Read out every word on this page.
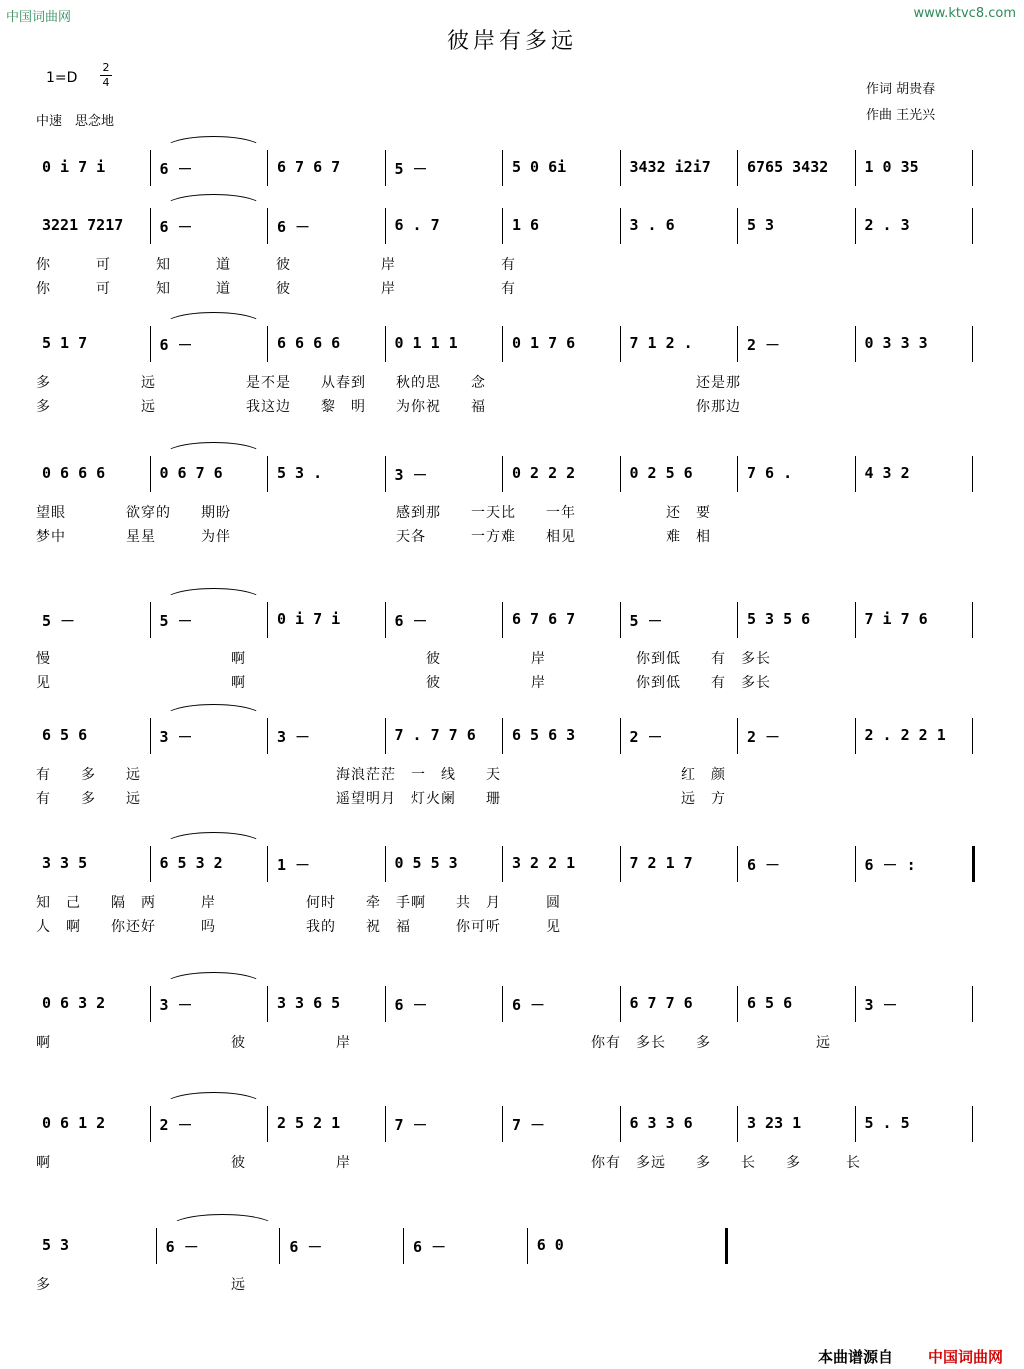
中国词曲网	www.ktvc8.com
彼岸有多远
1=D
2
4
中速　思念地
作词 胡贵春
作曲 王光兴
0 i 7 i	6 －	6 7 6 7	5 －	5 0 6i	3432 i2i7 6765 3432 1 0 35
3221 7217 6 －	6 －	6 . 7	1 6	3 . 6	5 3	2 . 3
你　　　可　　　知　　　道　　　彼　　　　　　岸　　　　　　　有
你　　　可　　　知　　　道　　　彼　　　　　　岸　　　　　　　有
5 1 7	6 －	6 6 6 6	0 1 1 1	0 1 7 6	7 1 2 .	2 －	0 3 3 3
多　　　　　　远　　　　　　是不是　　从春到　　秋的思　　念　　　　　　　　　　　　　　还是那
多　　　　　　远　　　　　　我这边　　黎　明　　为你祝　　福　　　　　　　　　　　　　　你那边
0 6 6 6	0 6 7 6	5 3 .	3 －	0 2 2 2	0 2 5 6	7 6 .	4 3 2
望眼　　　　欲穿的　　期盼　　　　　　　　　　　感到那　　一天比　　一年　　　　　　还　要
梦中　　　　星星　　　为伴　　　　　　　　　　　天各　　　一方难　　相见　　　　　　难　相
5 －	5 －	0 i 7 i	6 －	6 7 6 7	5 －	5 3 5 6	7 i 7 6
慢　　　　　　　　　　　　啊　　　　　　　　　　　　彼　　　　　　岸　　　　　　你到低　　有　多长
见　　　　　　　　　　　　啊　　　　　　　　　　　　彼　　　　　　岸　　　　　　你到低　　有　多长
6 5 6	3 －	3 －	7 . 7 7 6 6 5 6 3	2 －	2 －	2 . 2 2 1
有　　多　　远　　　　　　　　　　　　　海浪茫茫　一　线　　天　　　　　　　　　　　　红　颜
有　　多　　远　　　　　　　　　　　　　遥望明月　灯火阑　　珊　　　　　　　　　　　　远　方
3 3 5	6 5 3 2	1 －	0 5 5 3	3 2 2 1	7 2 1 7	6 －	6 － :
知　己　　隔　两　　　岸　　　　　　何时　　牵　手啊　　共　月　　　圆
人　啊　　你还好　　　吗　　　　　　我的　　祝　福　　　你可听　　　见
0 6 3 2	3 －	3 3 6 5	6 －	6 －	6 7 7 6	6 5 6	3 －
啊　　　　　　　　　　　　彼　　　　　　岸　　　　　　　　　　　　　　　　你有　多长　　多　　　　　　　远
0 6 1 2	2 －	2 5 2 1	7 －	7 －	6 3 3 6	3 23 1	5 . 5
啊　　　　　　　　　　　　彼　　　　　　岸　　　　　　　　　　　　　　　　你有　多远　　多　　长　　多　　　长
5 3	6 －	6 －	6 －	6 0
多　　　　　　　　　　　　远
本曲谱源自 中国词曲网
